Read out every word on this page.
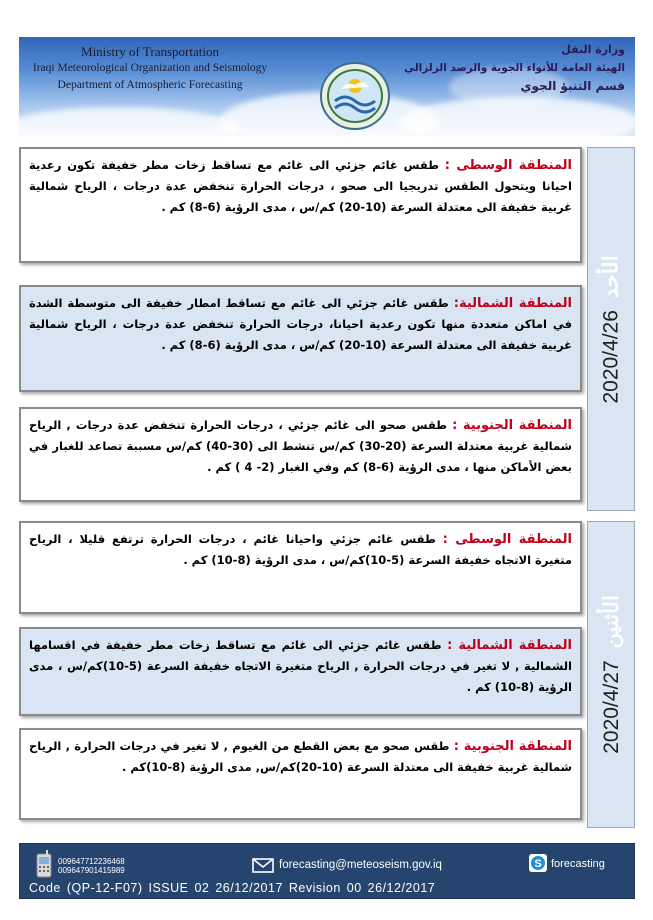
Ministry of Transportation
Iraqi Meteorological Organization and Seismology
Department of Atmospheric Forecasting
وزارة النقل
الهيئة العامة للأنواء الجوية والرصد الزلزالي
قسم التنبؤ الجوي
2020/4/26الأحد
2020/4/27الأثنين
المنطقة الوسطى : طقس غائم جزئي الى غائم مع تساقط زخات مطر خفيفة تكون رعدية احيانا ويتحول الطقس تدريجيا الى صحو ، درجات الحرارة تنخفض عدة درجات ، الرياح شمالية غربية خفيفة الى معتدلة السرعة (10-20) كم/س ، مدى الرؤية (6-8) كم .
المنطقة الشمالية: طقس غائم جزئي الى غائم مع تساقط امطار خفيفة الى متوسطة الشدة في اماكن متعددة منها تكون رعدية احيانا، درجات الحرارة تنخفض عدة درجات ، الرياح شمالية غربية خفيفة الى معتدلة السرعة (10-20) كم/س ، مدى الرؤية (6-8) كم .
المنطقة الجنوبية : طقس صحو الى غائم جزئي ، درجات الحرارة تنخفض عدة درجات , الرياح شمالية غربية معتدلة السرعة (20-30) كم/س تنشط الى (30-40) كم/س مسببة تصاعد للغبار في بعض الأماكن منها ، مدى الرؤية (6-8) كم وفي الغبار (2- 4 ) كم .
المنطقة الوسطى : طقس غائم جزئي واحيانا غائم ، درجات الحرارة ترتفع قليلا ، الرياح متغيرة الاتجاه خفيفة السرعة (5-10)كم/س ، مدى الرؤية (8-10) كم .
المنطقة الشمالية : طقس غائم جزئي الى غائم مع تساقط زخات مطر خفيفة في اقسامها الشمالية , لا تغير في درجات الحرارة , الرياح متغيرة الاتجاه خفيفة السرعة (5-10)كم/س ، مدى الرؤية (8-10) كم .
المنطقة الجنوبية : طقس صحو مع بعض القطع من الغيوم , لا تغير في درجات الحرارة , الرياح شمالية غربية خفيفة الى معتدلة السرعة (10-20)كم/س, مدى الرؤية (8-10)كم .
009647712236468
009647901415989	forecasting@meteoseism.gov.iq	S forecasting
Code (QP-12-F07) ISSUE 02 26/12/2017 Revision 00 26/12/2017
